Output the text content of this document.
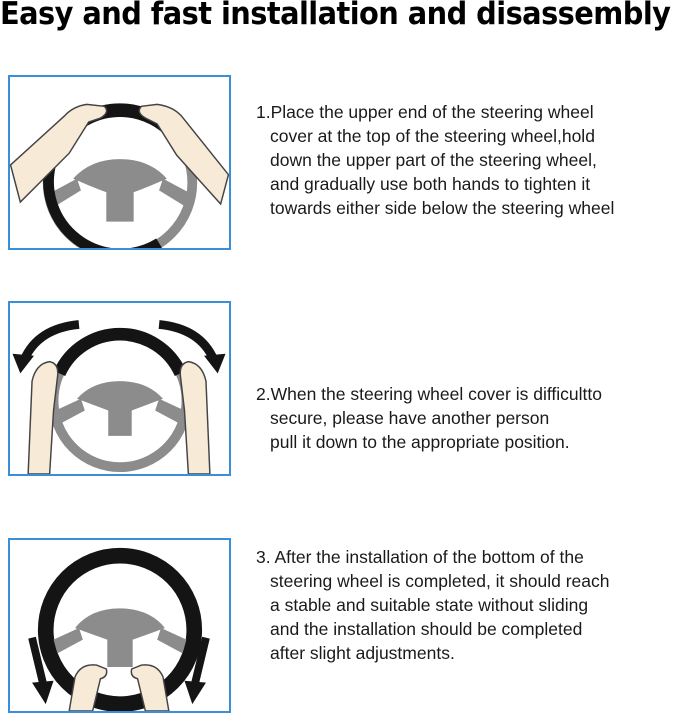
Easy and fast installation and disassembly
1.Place the upper end of the steering wheel
cover at the top of the steering wheel,hold
down the upper part of the steering wheel,
and gradually use both hands to tighten it
towards either side below the steering wheel
2.When the steering wheel cover is difficultto
secure, please have another person
pull it down to the appropriate position.
3. After the installation of the bottom of the
steering wheel is completed, it should reach
a stable and suitable state without sliding
and the installation should be completed
after slight adjustments.
